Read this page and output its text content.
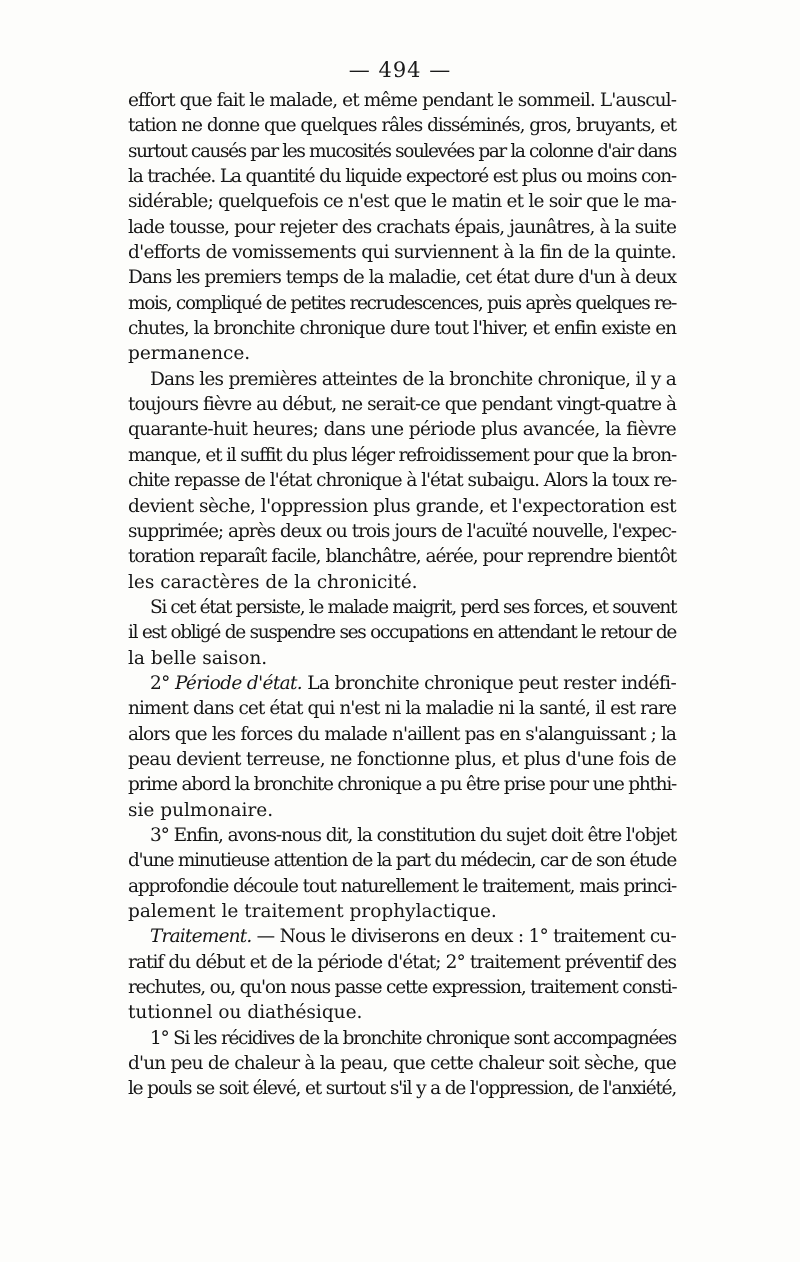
— 494 —

effort que fait le malade, et même pendant le sommeil. L'auscul-
tation ne donne que quelques râles disséminés, gros, bruyants, et
surtout causés par les mucosités soulevées par la colonne d'air dans
la trachée. La quantité du liquide expectoré est plus ou moins con-
sidérable; quelquefois ce n'est que le matin et le soir que le ma-
lade tousse, pour rejeter des crachats épais, jaunâtres, à la suite
d'efforts de vomissements qui surviennent à la fin de la quinte.
Dans les premiers temps de la maladie, cet état dure d'un à deux
mois, compliqué de petites recrudescences, puis après quelques re-
chutes, la bronchite chronique dure tout l'hiver, et enfin existe en
permanence.

Dans les premières atteintes de la bronchite chronique, il y a
toujours fièvre au début, ne serait-ce que pendant vingt-quatre à
quarante-huit heures; dans une période plus avancée, la fièvre
manque, et il suffit du plus léger refroidissement pour que la bron-
chite repasse de l'état chronique à l'état subaigu. Alors la toux re-
devient sèche, l'oppression plus grande, et l'expectoration est
supprimée; après deux ou trois jours de l'acuïté nouvelle, l'expec-
toration reparaît facile, blanchâtre, aérée, pour reprendre bientôt
les caractères de la chronicité.

Si cet état persiste, le malade maigrit, perd ses forces, et souvent
il est obligé de suspendre ses occupations en attendant le retour de
la belle saison.

2° Période d'état. La bronchite chronique peut rester indéfi-
niment dans cet état qui n'est ni la maladie ni la santé, il est rare
alors que les forces du malade n'aillent pas en s'alanguissant ; la
peau devient terreuse, ne fonctionne plus, et plus d'une fois de
prime abord la bronchite chronique a pu être prise pour une phthi-
sie pulmonaire.

3° Enfin, avons-nous dit, la constitution du sujet doit être l'objet
d'une minutieuse attention de la part du médecin, car de son étude
approfondie découle tout naturellement le traitement, mais princi-
palement le traitement prophylactique.

Traitement. — Nous le diviserons en deux : 1° traitement cu-
ratif du début et de la période d'état; 2° traitement préventif des
rechutes, ou, qu'on nous passe cette expression, traitement consti-
tutionnel ou diathésique.

1° Si les récidives de la bronchite chronique sont accompagnées
d'un peu de chaleur à la peau, que cette chaleur soit sèche, que
le pouls se soit élevé, et surtout s'il y a de l'oppression, de l'anxiété,
